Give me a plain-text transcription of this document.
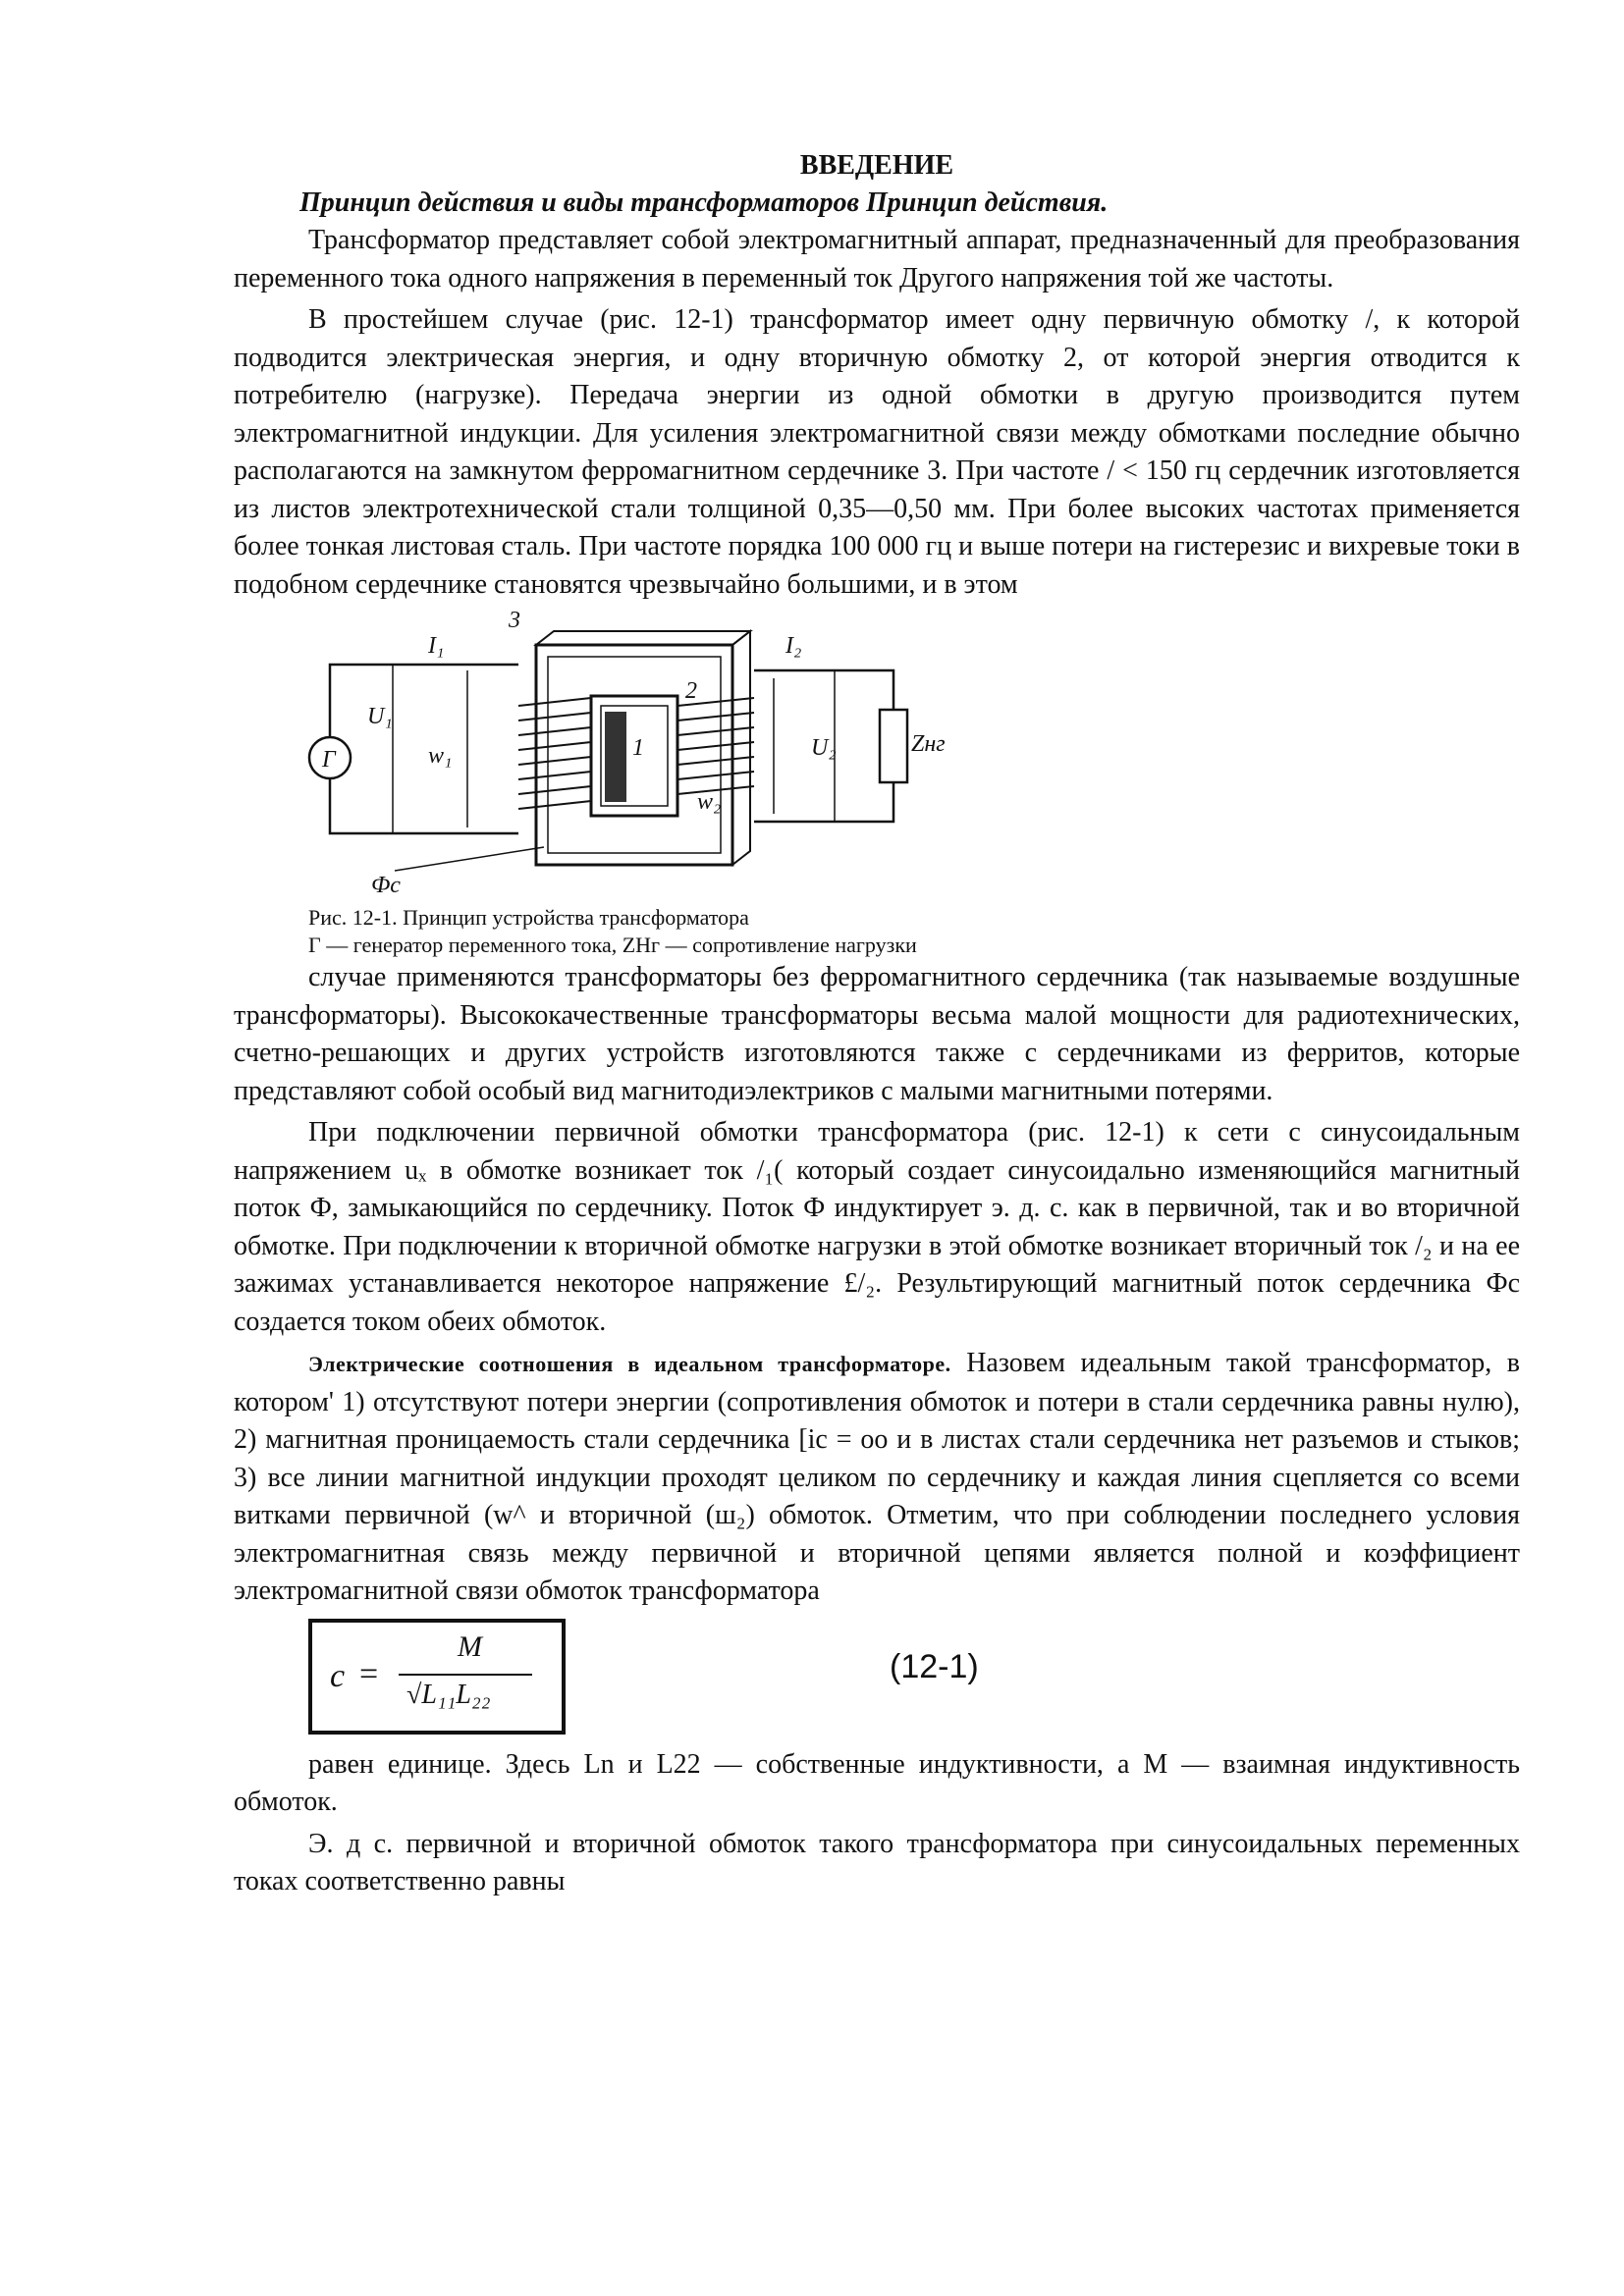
ВВЕДЕНИЕ
Принцип действия и виды трансформаторов Принцип действия.

Трансформатор представляет собой электромагнитный аппарат, предназначенный для преобразования переменного тока одного напряжения в переменный ток Другого напряжения той же частоты.

В простейшем случае (рис. 12-1) трансформатор имеет одну первичную обмотку /, к которой подводится электрическая энергия, и одну вторичную обмотку 2, от которой энергия отводится к потребителю (нагрузке). Передача энергии из одной обмотки в другую производится путем электромагнитной индукции. Для усиления электромагнитной связи между обмотками последние обычно располагаются на замкнутом ферромагнитном сердечнике 3. При частоте / < 150 гц сердечник изготовляется из листов электротехнической стали толщиной 0,35—0,50 мм. При более высоких частотах применяется более тонкая листовая сталь. При частоте порядка 100 000 гц и выше потери на гистерезис и вихревые токи в подобном сердечнике становятся чрезвычайно большими, и в этом

3
I₁	I₂
U₁
U₂
w₁
w₂
1
2
Г
Zнг
Фc
Рис. 12-1. Принцип устройства трансформатора
Г — генератор переменного тока, ZНг — сопротивление нагрузки

случае применяются трансформаторы без ферромагнитного сердечника (так называемые воздушные трансформаторы). Высококачественные трансформаторы весьма малой мощности для радиотехнических, счетно-решающих и других устройств изготовляются также с сердечниками из ферритов, которые представляют собой особый вид магнитодиэлектриков с малыми магнитными потерями.

При подключении первичной обмотки трансформатора (рис. 12-1) к сети с синусоидальным напряжением uₓ в обмотке возникает ток /₁( который создает синусоидально изменяющийся магнитный поток Ф, замыкающийся по сердечнику. Поток Ф индуктирует э. д. с. как в первичной, так и во вторичной обмотке. При подключении к вторичной обмотке нагрузки в этой обмотке возникает вторичный ток /₂ и на ее зажимах устанавливается некоторое напряжение £/₂. Результирующий магнитный поток сердечника Фс создается током обеих обмоток.

Электрические соотношения в идеальном трансформаторе. Назовем идеальным такой трансформатор, в котором' 1) отсутствуют потери энергии (сопротивления обмоток и потери в стали сердечника равны нулю), 2) магнитная проницаемость стали сердечника [iс = оо и в листах стали сердечника нет разъемов и стыков; 3) все линии магнитной индукции проходят целиком по сердечнику и каждая линия сцепляется со всеми витками первичной (w^ и вторичной (ш₂) обмоток. Отметим, что при соблюдении последнего условия электромагнитная связь между первичной и вторичной цепями является полной и коэффициент электромагнитной связи обмоток трансформатора

c =
M
√L₁₁L₂₂
(12-1)

равен единице. Здесь Ln и L22 — собственные индуктивности, а M — взаимная индуктивность обмоток.

Э. д с. первичной и вторичной обмоток такого трансформатора при синусоидальных переменных токах соответственно равны
